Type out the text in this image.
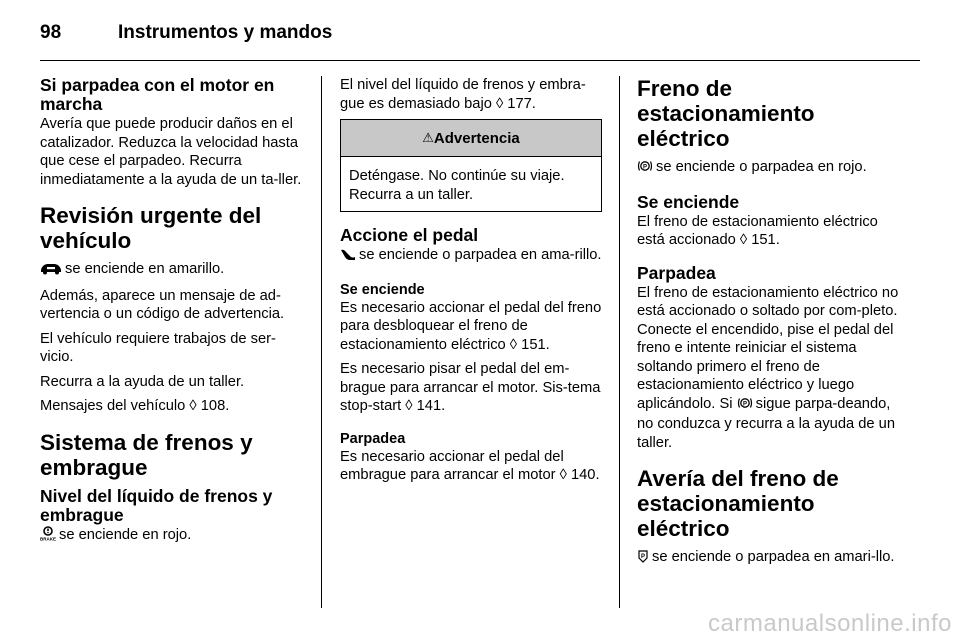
98	Instrumentos y mandos
Si parpadea con el motor en marcha

Avería que puede producir daños en el catalizador. Reduzca la velocidad hasta que cese el parpadeo. Recurra inmediatamente a la ayuda de un ta-ller.

Revisión urgente del vehículo

se enciende en amarillo.

Además, aparece un mensaje de ad-vertencia o un código de advertencia.

El vehículo requiere trabajos de ser-vicio.

Recurra a la ayuda de un taller.

Mensajes del vehículo ◊ 108.

Sistema de frenos y embrague
Nivel del líquido de frenos y embrague

BRAKE se enciende en rojo.

El nivel del líquido de frenos y embra-gue es demasiado bajo ◊ 177.

⚠ Advertencia

Deténgase. No continúe su viaje. Recurra a un taller.

Accione el pedal

se enciende o parpadea en ama-rillo.

Se enciende

Es necesario accionar el pedal del freno para desbloquear el freno de estacionamiento eléctrico ◊ 151.

Es necesario pisar el pedal del em-brague para arrancar el motor. Sis-tema stop-start ◊ 141.

Parpadea

Es necesario accionar el pedal del embrague para arrancar el motor ◊ 140.

Freno de estacionamiento eléctrico

P se enciende o parpadea en rojo.

Se enciende

El freno de estacionamiento eléctrico está accionado ◊ 151.

Parpadea

El freno de estacionamiento eléctrico no está accionado o soltado por com-pleto. Conecte el encendido, pise el pedal del freno e intente reiniciar el sistema soltando primero el freno de estacionamiento eléctrico y luego aplicándolo. Si P sigue parpa-deando, no conduzca y recurra a la ayuda de un taller.

Avería del freno de estacionamiento eléctrico

P se enciende o parpadea en amari-llo.

carmanualsonline.info
